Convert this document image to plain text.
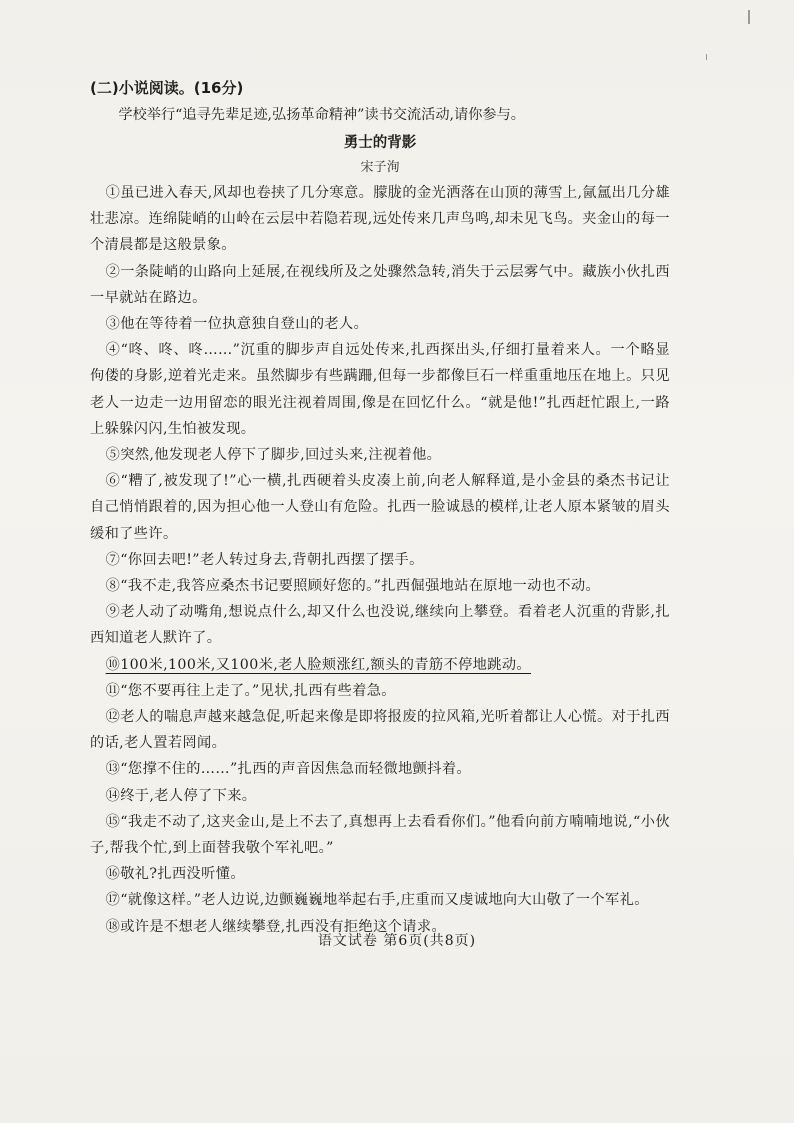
(二)小说阅读。(16分)
学校举行“追寻先辈足迹,弘扬革命精神”读书交流活动,请你参与。
勇士的背影
宋子洵

①虽已进入春天,风却也卷挟了几分寒意。朦胧的金光洒落在山顶的薄雪上,氤氲出几分雄壮悲凉。连绵陡峭的山岭在云层中若隐若现,远处传来几声鸟鸣,却未见飞鸟。夹金山的每一个清晨都是这般景象。

②一条陡峭的山路向上延展,在视线所及之处骤然急转,消失于云层雾气中。藏族小伙扎西一早就站在路边。

③他在等待着一位执意独自登山的老人。

④“咚、咚、咚……”沉重的脚步声自远处传来,扎西探出头,仔细打量着来人。一个略显佝偻的身影,逆着光走来。虽然脚步有些蹒跚,但每一步都像巨石一样重重地压在地上。只见老人一边走一边用留恋的眼光注视着周围,像是在回忆什么。“就是他!”扎西赶忙跟上,一路上躲躲闪闪,生怕被发现。

⑤突然,他发现老人停下了脚步,回过头来,注视着他。

⑥“糟了,被发现了!”心一横,扎西硬着头皮凑上前,向老人解释道,是小金县的桑杰书记让自己悄悄跟着的,因为担心他一人登山有危险。扎西一脸诚恳的模样,让老人原本紧皱的眉头缓和了些许。

⑦“你回去吧!”老人转过身去,背朝扎西摆了摆手。

⑧“我不走,我答应桑杰书记要照顾好您的。”扎西倔强地站在原地一动也不动。

⑨老人动了动嘴角,想说点什么,却又什么也没说,继续向上攀登。看着老人沉重的背影,扎西知道老人默许了。

⑩100米,100米,又100米,老人脸颊涨红,额头的青筋不停地跳动。

⑪“您不要再往上走了。”见状,扎西有些着急。

⑫老人的喘息声越来越急促,听起来像是即将报废的拉风箱,光听着都让人心慌。对于扎西的话,老人置若罔闻。

⑬“您撑不住的……”扎西的声音因焦急而轻微地颤抖着。

⑭终于,老人停了下来。

⑮“我走不动了,这夹金山,是上不去了,真想再上去看看你们。”他看向前方喃喃地说,“小伙子,帮我个忙,到上面替我敬个军礼吧。”

⑯敬礼?扎西没听懂。

⑰“就像这样。”老人边说,边颤巍巍地举起右手,庄重而又虔诚地向大山敬了一个军礼。

⑱或许是不想老人继续攀登,扎西没有拒绝这个请求。

语文试卷 第6页(共8页)
